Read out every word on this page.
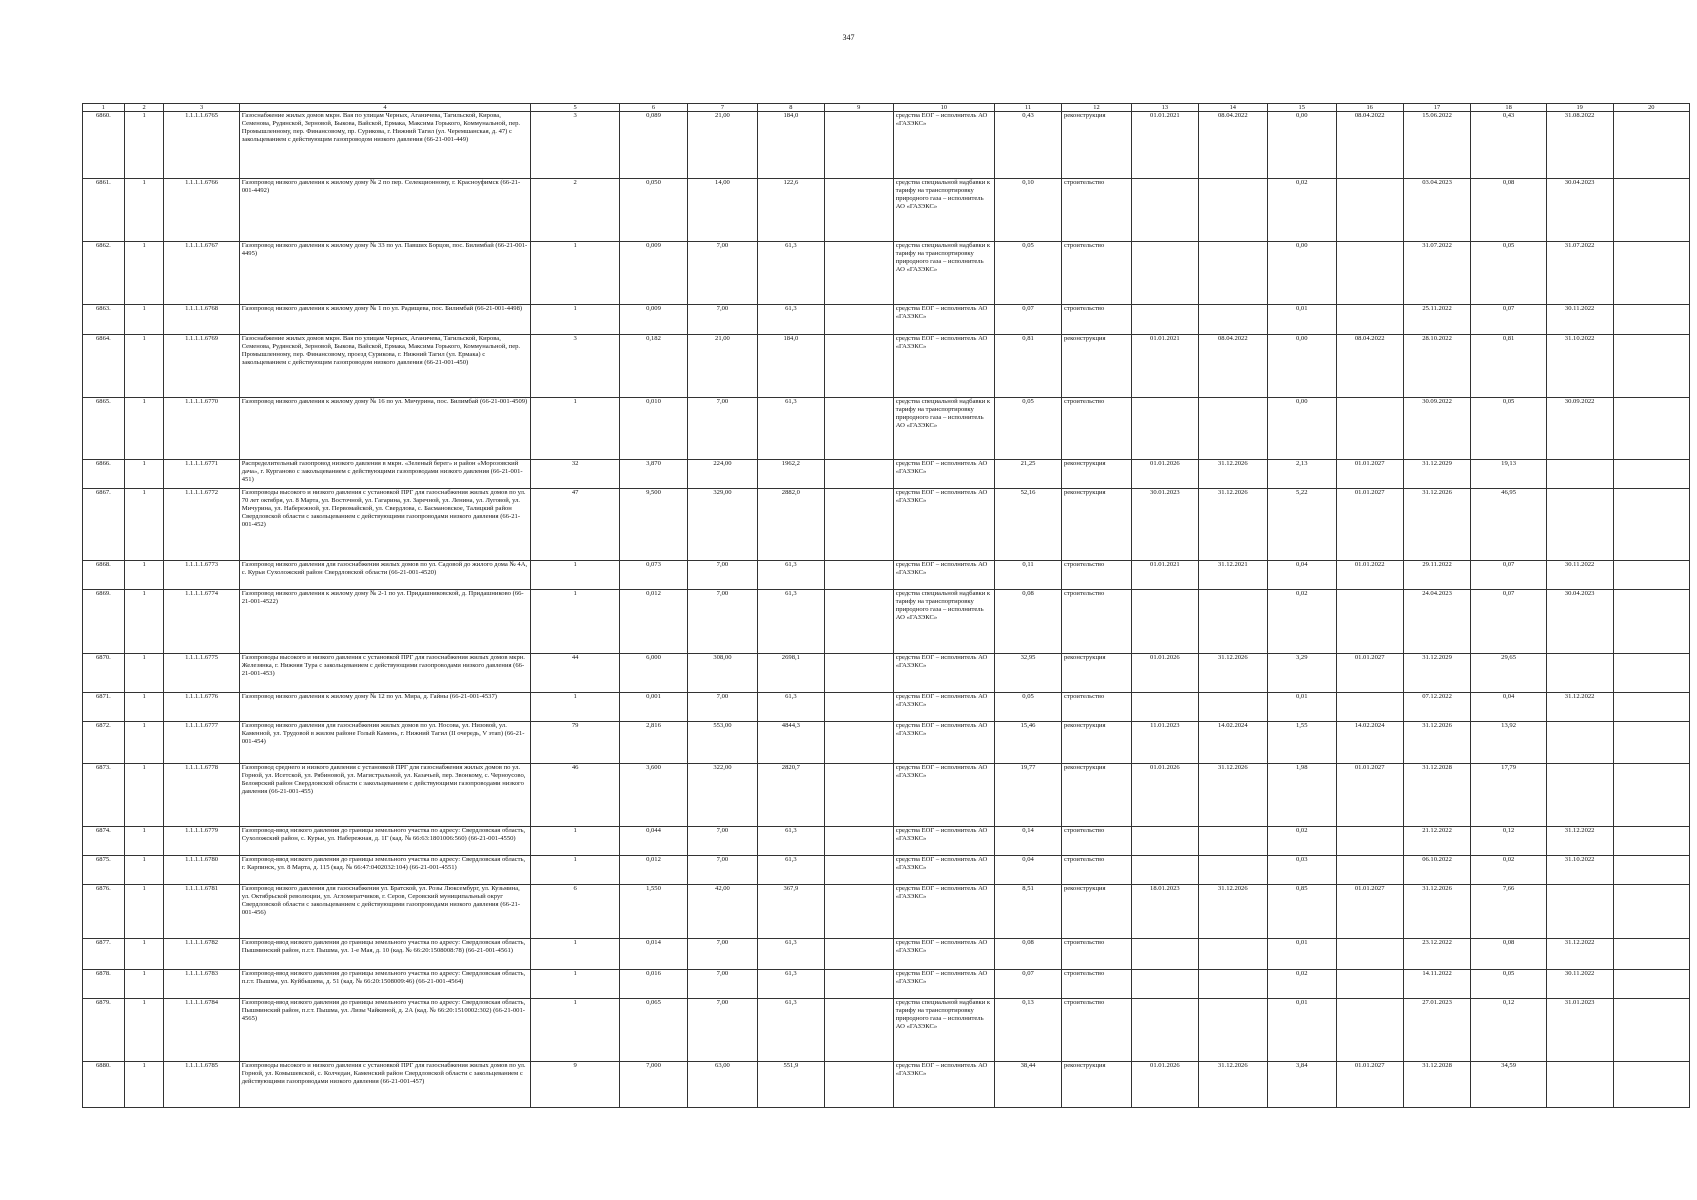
347
1	2	3	4	5	6	7	8	9	10	11	12	13	14	15	16	17	18	19	20
6860.	1	1.1.1.1.6765	Газоснабжение жилых домов мкрн. Вая по улицам Черных, Аганичева, Тагильской, Кирова, Семенова, Рудянской, Зерновой, Быкова, Вайской, Ермака, Максима Горького, Коммунальной, пер. Промышленному, пер. Финансовому, пр. Сурикова, г. Нижний Тагил (ул. Черемшанская, д. 47) с закольцеванием с действующим газопроводом низкого давления (66-21-001-449)	3	0,089	21,00	184,0		средства ЕОГ – исполнитель АО «ГАЗЭКС»	0,43	реконструкция	01.01.2021	08.04.2022	0,00	08.04.2022	15.06.2022	0,43	31.08.2022	
6861.	1	1.1.1.1.6766	Газопровод низкого давления к жилому дому № 2 по пер. Селекционному, г. Красноуфимск (66-21-001-4492)	2	0,050	14,00	122,6		средства специальной надбавки к тарифу на транспортировку природного газа – исполнитель АО «ГАЗЭКС»	0,10	строительство			0,02		03.04.2023	0,08	30.04.2023	
6862.	1	1.1.1.1.6767	Газопровод низкого давления к жилому дому № 33 по ул. Павших Борцов, пос. Билимбай (66-21-001-4495)	1	0,009	7,00	61,3		средства специальной надбавки к тарифу на транспортировку природного газа – исполнитель АО «ГАЗЭКС»	0,05	строительство			0,00		31.07.2022	0,05	31.07.2022	
6863.	1	1.1.1.1.6768	Газопровод низкого давления к жилому дому № 1 по ул. Радищева, пос. Билимбай (66-21-001-4498)	1	0,009	7,00	61,3		средства ЕОГ – исполнитель АО «ГАЗЭКС»	0,07	строительство			0,01		25.11.2022	0,07	30.11.2022	
6864.	1	1.1.1.1.6769	Газоснабжение жилых домов мкрн. Вая по улицам Черных, Аганичева, Тагильской, Кирова, Семенова, Рудянской, Зерновой, Быкова, Вайской, Ермака, Максима Горького, Коммунальной, пер. Промышленному, пер. Финансовому, проезд Сурикова, г. Нижний Тагил (ул. Ермака) с закольцеванием с действующим газопроводом низкого давления (66-21-001-450)	3	0,182	21,00	184,0		средства ЕОГ – исполнитель АО «ГАЗЭКС»	0,81	реконструкция	01.01.2021	08.04.2022	0,00	08.04.2022	28.10.2022	0,81	31.10.2022	
6865.	1	1.1.1.1.6770	Газопровод низкого давления к жилому дому № 16 по ул. Мичурина, пос. Билимбай (66-21-001-4509)	1	0,010	7,00	61,3		средства специальной надбавки к тарифу на транспортировку природного газа – исполнитель АО «ГАЗЭКС»	0,05	строительство			0,00		30.09.2022	0,05	30.09.2022	
6866.	1	1.1.1.1.6771	Распределительный газопровод низкого давления в мкрн. «Зеленый берег» и район «Морозовский дача», г. Курганово с закольцеванием с действующими газопроводами низкого давления (66-21-001-451)	32	3,870	224,00	1962,2		средства ЕОГ – исполнитель АО «ГАЗЭКС»	21,25	реконструкция	01.01.2026	31.12.2026	2,13	01.01.2027	31.12.2029	19,13		
6867.	1	1.1.1.1.6772	Газопроводы высокого и низкого давления с установкой ПРГ для газоснабжения жилых домов по ул. 70 лет октября, ул. 8 Марта, ул. Восточной, ул. Гагарина, ул. Заречной, ул. Ленина, ул. Луговой, ул. Мичурина, ул. Набережной, ул. Первомайской, ул. Свердлова, с. Басмановское, Талицкий район Свердловской области с закольцеванием с действующими газопроводами низкого давления (66-21-001-452)	47	9,500	329,00	2882,0		средства ЕОГ – исполнитель АО «ГАЗЭКС»	52,16	реконструкция	30.01.2023	31.12.2026	5,22	01.01.2027	31.12.2026	46,95		
6868.	1	1.1.1.1.6773	Газопровод низкого давления для газоснабжения жилых домов по ул. Садовой до жилого дома № 4А, с. Курьи Сухоложский район Свердловской области (66-21-001-4520)	1	0,073	7,00	61,3		средства ЕОГ – исполнитель АО «ГАЗЭКС»	0,11	строительство	01.01.2021	31.12.2021	0,04	01.01.2022	29.11.2022	0,07	30.11.2022	
6869.	1	1.1.1.1.6774	Газопровод низкого давления к жилому дому № 2-1 по ул. Придашниковской, д. Придашниково (66-21-001-4522)	1	0,012	7,00	61,3		средства специальной надбавки к тарифу на транспортировку природного газа – исполнитель АО «ГАЗЭКС»	0,08	строительство			0,02		24.04.2023	0,07	30.04.2023	
6870.	1	1.1.1.1.6775	Газопроводы высокого и низкого давления с установкой ПРГ для газоснабжения жилых домов мкрн. Железянка, г. Нижняя Тура с закольцеванием с действующими газопроводами низкого давления (66-21-001-453)	44	6,000	308,00	2698,1		средства ЕОГ – исполнитель АО «ГАЗЭКС»	32,95	реконструкция	01.01.2026	31.12.2026	3,29	01.01.2027	31.12.2029	29,65		
6871.	1	1.1.1.1.6776	Газопровод низкого давления к жилому дому № 12 по ул. Мира, д. Гайны (66-21-001-4537)	1	0,001	7,00	61,3		средства ЕОГ – исполнитель АО «ГАЗЭКС»	0,05	строительство			0,01		07.12.2022	0,04	31.12.2022	
6872.	1	1.1.1.1.6777	Газопровод низкого давления для газоснабжения жилых домов по ул. Носова, ул. Низовой, ул. Каменной, ул. Трудовой в жилом районе Голый Камень, г. Нижний Тагил (II очередь, V этап) (66-21-001-454)	79	2,816	553,00	4844,3		средства ЕОГ – исполнитель АО «ГАЗЭКС»	15,46	реконструкция	11.01.2023	14.02.2024	1,55	14.02.2024	31.12.2026	13,92		
6873.	1	1.1.1.1.6778	Газопровод среднего и низкого давления с установкой ПРГ для газоснабжения жилых домов по ул. Горной, ул. Исетской, ул. Рябиновой, ул. Магистральной, ул. Казачьей, пер. Звонкому, с. Черноусово, Белоярский район Свердловской области с закольцеванием с действующими газопроводами низкого давления (66-21-001-455)	46	3,600	322,00	2820,7		средства ЕОГ – исполнитель АО «ГАЗЭКС»	19,77	реконструкция	01.01.2026	31.12.2026	1,98	01.01.2027	31.12.2028	17,79		
6874.	1	1.1.1.1.6779	Газопровод-ввод низкого давления до границы земельного участка по адресу: Свердловская область, Сухоложский район, с. Курьи, ул. Набережная, д. 1Г (кад. № 66:63:1801006:560) (66-21-001-4550)	1	0,044	7,00	61,3		средства ЕОГ – исполнитель АО «ГАЗЭКС»	0,14	строительство			0,02		21.12.2022	0,12	31.12.2022	
6875.	1	1.1.1.1.6780	Газопровод-ввод низкого давления до границы земельного участка по адресу: Свердловская область, г. Карпинск, ул. 8 Марта, д. 115 (кад. № 66:47:0402032:104) (66-21-001-4551)	1	0,012	7,00	61,3		средства ЕОГ – исполнитель АО «ГАЗЭКС»	0,04	строительство			0,03		06.10.2022	0,02	31.10.2022	
6876.	1	1.1.1.1.6781	Газопровод низкого давления для газоснабжения ул. Братской, ул. Розы Люксембург, ул. Кузьмина, ул. Октябрьской революции, ул. Агломератчиков, г. Серов, Серовский муниципальный округ Свердловской области с закольцеванием с действующими газопроводами низкого давления (66-21-001-456)	6	1,550	42,00	367,9		средства ЕОГ – исполнитель АО «ГАЗЭКС»	8,51	реконструкция	18.01.2023	31.12.2026	0,85	01.01.2027	31.12.2026	7,66		
6877.	1	1.1.1.1.6782	Газопровод-ввод низкого давления до границы земельного участка по адресу: Свердловская область, Пышминский район, п.г.т. Пышма, ул. 1-е Мая, д. 10 (кад. № 66:20:1508008:78) (66-21-001-4561)	1	0,014	7,00	61,3		средства ЕОГ – исполнитель АО «ГАЗЭКС»	0,08	строительство			0,01		23.12.2022	0,08	31.12.2022	
6878.	1	1.1.1.1.6783	Газопровод-ввод низкого давления до границы земельного участка по адресу: Свердловская область, п.г.т. Пышма, ул. Куйбышева, д. 51 (кад. № 66:20:1508009:46) (66-21-001-4564)	1	0,016	7,00	61,3		средства ЕОГ – исполнитель АО «ГАЗЭКС»	0,07	строительство			0,02		14.11.2022	0,05	30.11.2022	
6879.	1	1.1.1.1.6784	Газопровод-ввод низкого давления до границы земельного участка по адресу: Свердловская область, Пышминский район, п.г.т. Пышма, ул. Лизы Чайкиной, д. 2А (кад. № 66:20:1510002:302) (66-21-001-4565)	1	0,065	7,00	61,3		средства специальной надбавки к тарифу на транспортировку природного газа – исполнитель АО «ГАЗЭКС»	0,13	строительство			0,01		27.01.2023	0,12	31.01.2023	
6880.	1	1.1.1.1.6785	Газопроводы высокого и низкого давления с установкой ПРГ для газоснабжения жилых домов по ул. Горной, ул. Комышевской, с. Колчедан, Каменский район Свердловской области с закольцеванием с действующими газопроводами низкого давления (66-21-001-457)	9	7,000	63,00	551,9		средства ЕОГ – исполнитель АО «ГАЗЭКС»	38,44	реконструкция	01.01.2026	31.12.2026	3,84	01.01.2027	31.12.2028	34,59		
